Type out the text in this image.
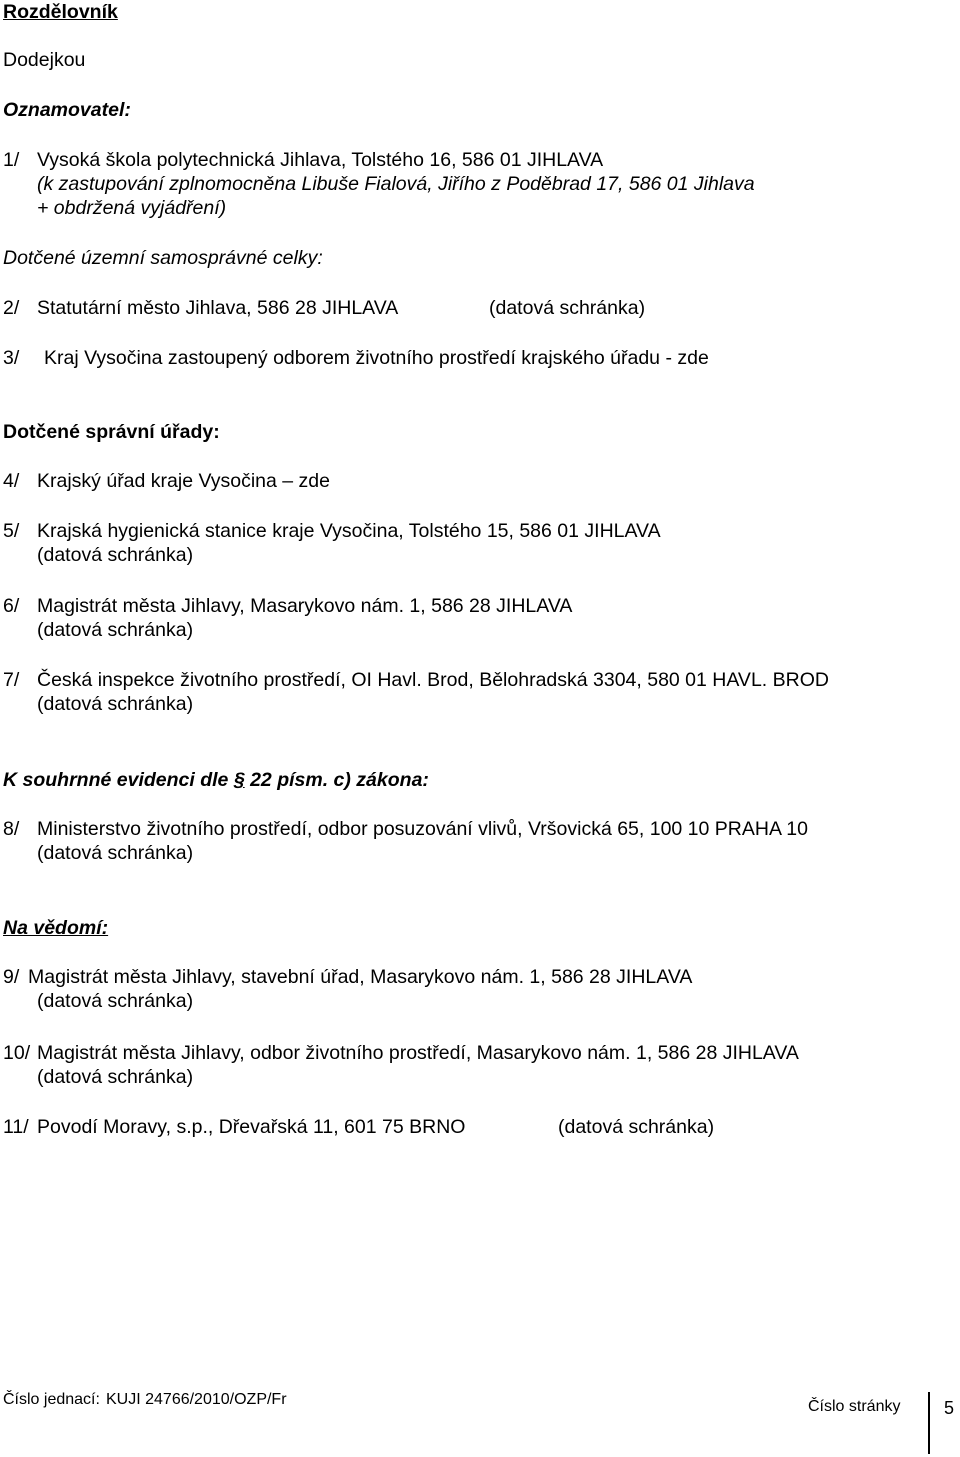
Rozdělovník
Dodejkou
Oznamovatel:
1/ Vysoká škola polytechnická Jihlava, Tolstého 16, 586 01 JIHLAVA
(k zastupování zplnomocněna Libuše Fialová, Jiřího z Poděbrad 17, 586 01 Jihlava
+ obdržená vyjádření)
Dotčené územní samosprávné celky:
2/ Statutární město Jihlava, 586 28 JIHLAVA	(datová schránka)
3/ Kraj Vysočina zastoupený odborem životního prostředí krajského úřadu - zde
Dotčené správní úřady:
4/ Krajský úřad kraje Vysočina – zde
5/ Krajská hygienická stanice kraje Vysočina, Tolstého 15, 586 01 JIHLAVA
(datová schránka)
6/ Magistrát města Jihlavy, Masarykovo nám. 1, 586 28 JIHLAVA
(datová schránka)
7/ Česká inspekce životního prostředí, OI Havl. Brod, Bělohradská 3304, 580 01 HAVL. BROD
(datová schránka)
K souhrnné evidenci dle § 22 písm. c) zákona:
8/ Ministerstvo životního prostředí, odbor posuzování vlivů, Vršovická 65, 100 10 PRAHA 10
(datová schránka)
Na vědomí:
9/ Magistrát města Jihlavy, stavební úřad, Masarykovo nám. 1, 586 28 JIHLAVA
(datová schránka)
10/ Magistrát města Jihlavy, odbor životního prostředí, Masarykovo nám. 1, 586 28 JIHLAVA
(datová schránka)
11/ Povodí Moravy, s.p., Dřevařská 11, 601 75 BRNO	(datová schránka)
Číslo jednací: KUJI 24766/2010/OZP/Fr	Číslo stránky 5
